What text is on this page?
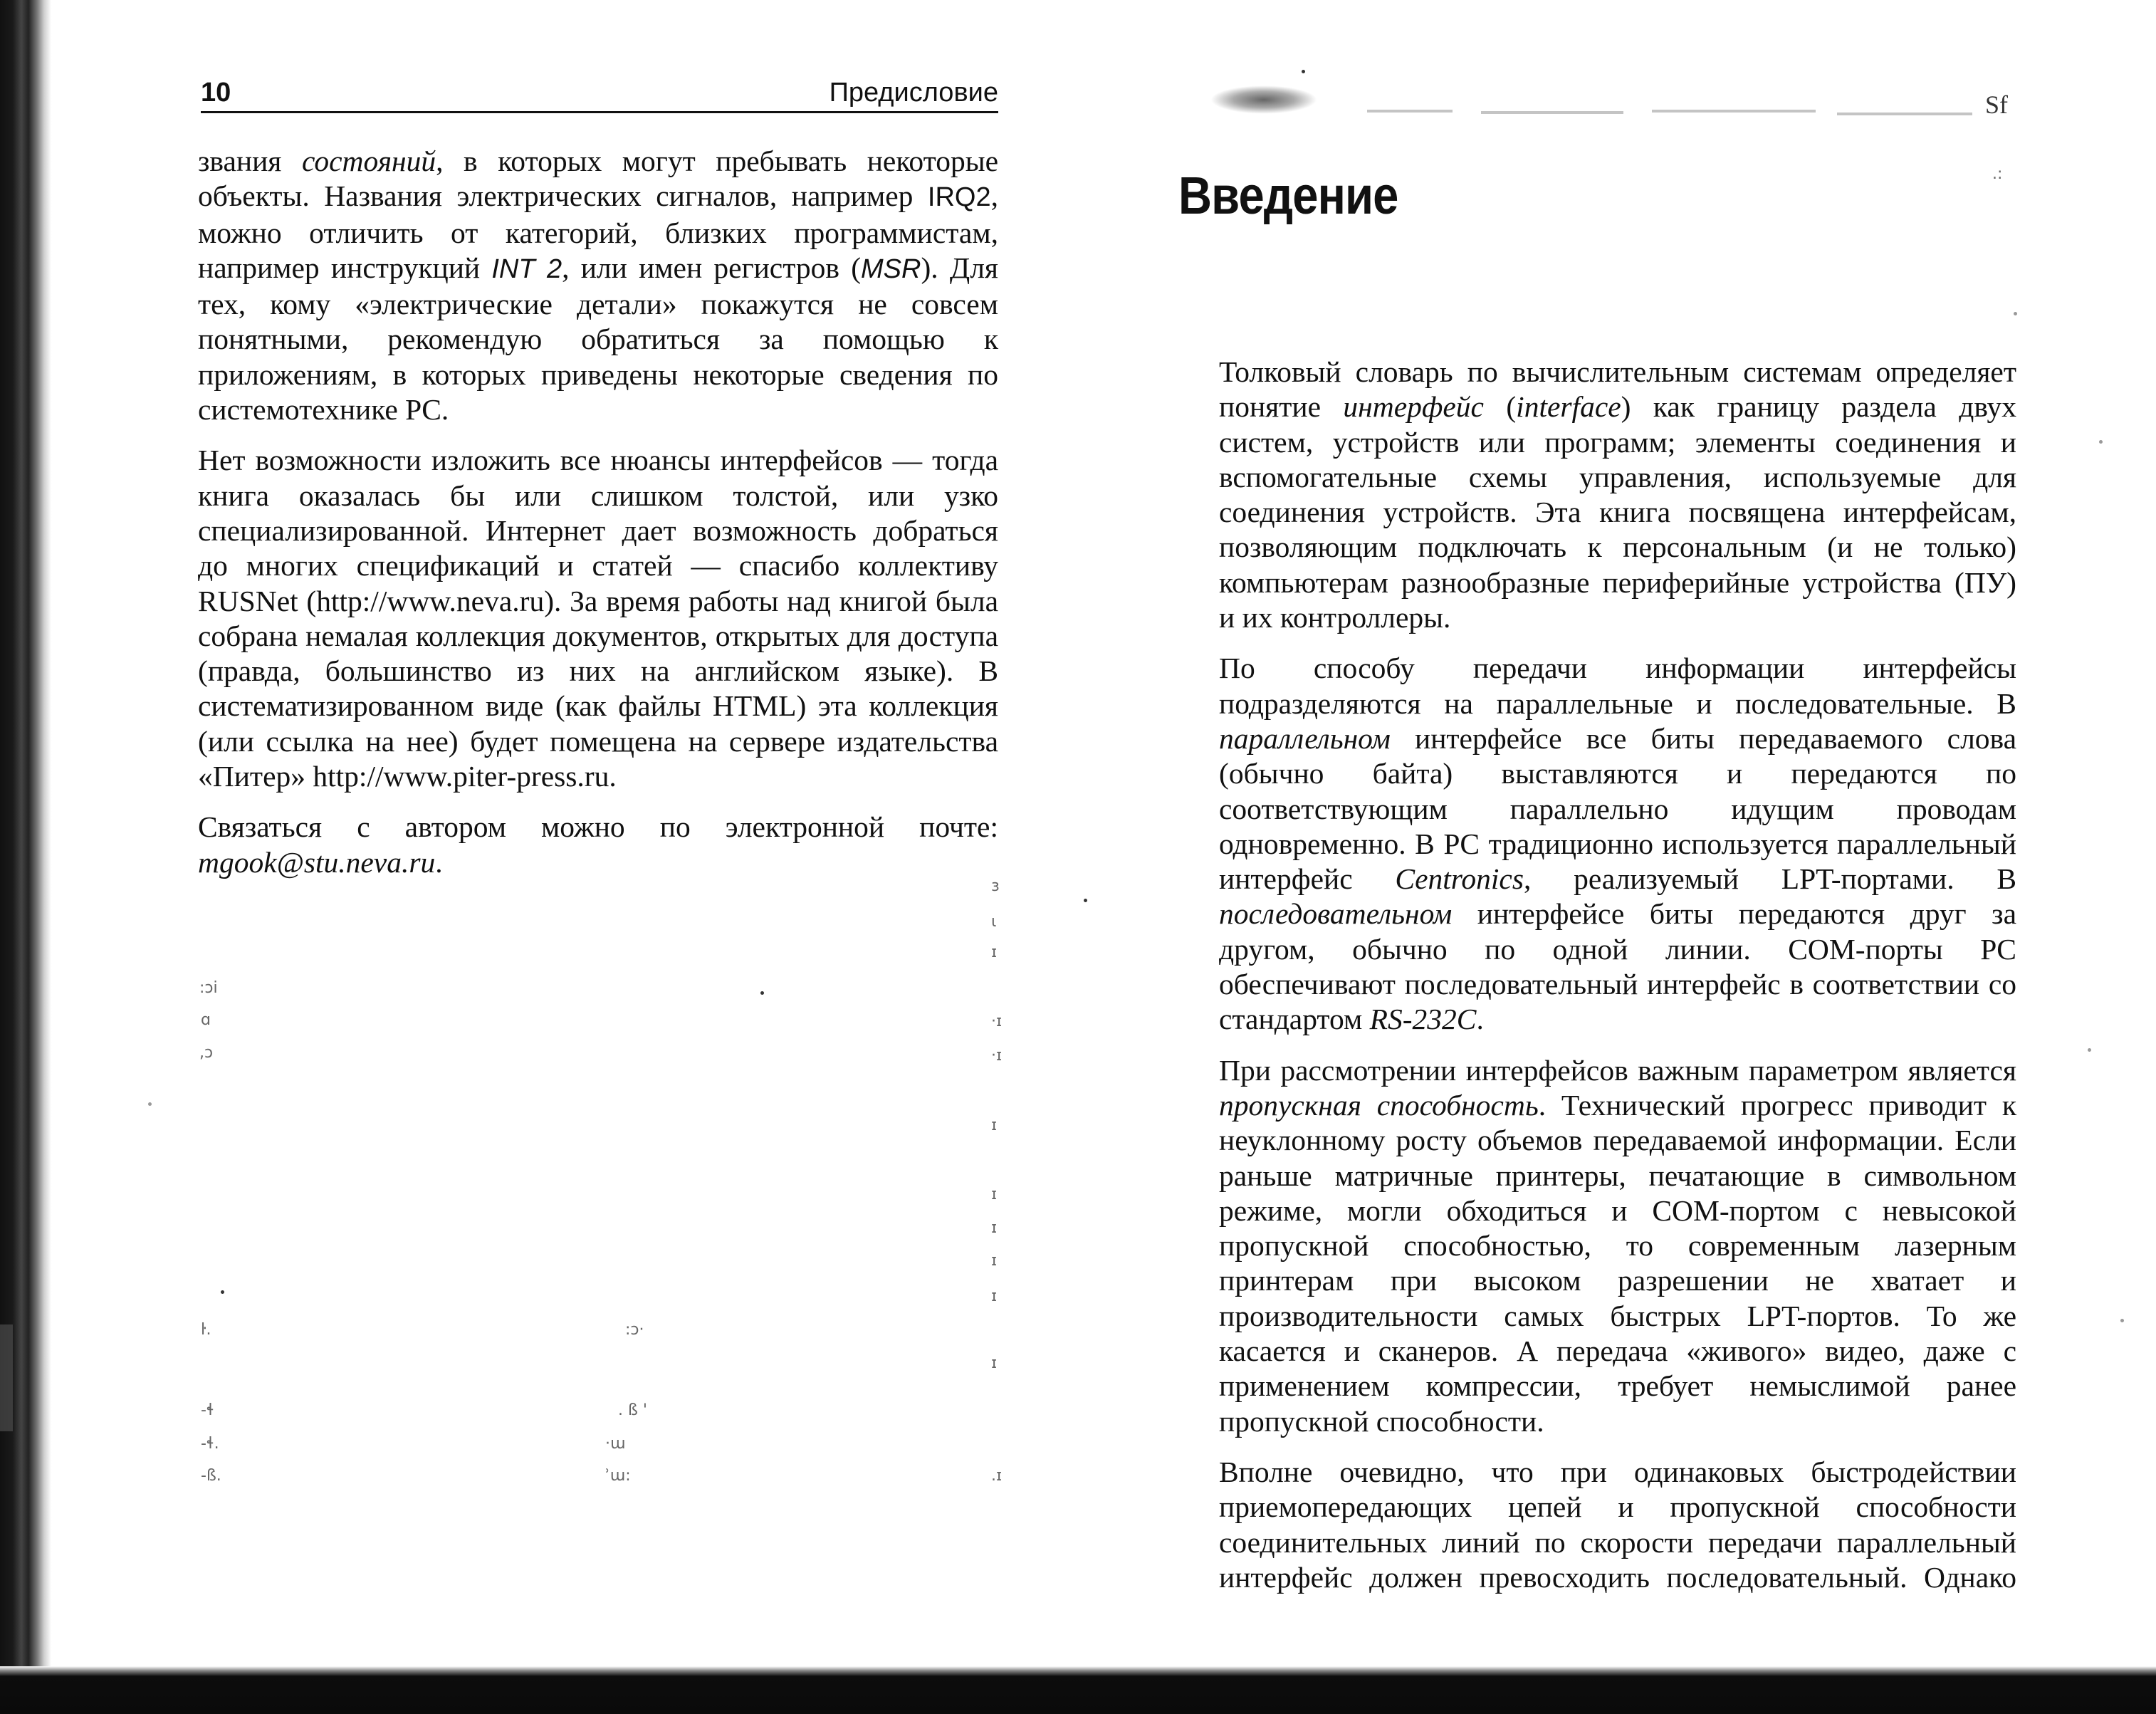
10	Предисловие

звания состояний, в которых могут пребывать некоторые объекты. Названия электрических сигналов, например IRQ2, можно отличить от категорий, близких программистам, например инструкций INT 2, или имен регистров (MSR). Для тех, кому «электрические детали» покажутся не совсем понятными, рекомендую обратиться за помощью к приложениям, в которых приведены некоторые сведения по системотехнике PC.

Нет возможности изложить все нюансы интерфейсов — тогда книга оказалась бы или слишком толстой, или узко специализированной. Интернет дает возможность добраться до многих спецификаций и статей — спасибо коллективу RUSNet (http://www.neva.ru). За время работы над книгой была собрана немалая коллекция документов, открытых для доступа (правда, большинство из них на английском языке). В систематизированном виде (как файлы HTML) эта коллекция (или ссылка на нее) будет помещена на сервере издательства «Питер» http://www.piter-press.ru.

Связаться с автором можно по электронной почте: mgook@stu.neva.ru.

Sf
Введение

Толковый словарь по вычислительным системам определяет понятие интерфейс (interface) как границу раздела двух систем, устройств или программ; элементы соединения и вспомогательные схемы управления, используемые для соединения устройств. Эта книга посвящена интерфейсам, позволяющим подключать к персональным (и не только) компьютерам разнообразные периферийные устройства (ПУ) и их контроллеры.

По способу передачи информации интерфейсы подразделяются на параллельные и последовательные. В параллельном интерфейсе все биты передаваемого слова (обычно байта) выставляются и передаются по соответствующим параллельно идущим проводам одновременно. В PC традиционно используется параллельный интерфейс Centronics, реализуемый LPT-портами. В последовательном интерфейсе биты передаются друг за другом, обычно по одной линии. COM-порты PC обеспечивают последовательный интерфейс в соответствии со стандартом RS-232C.

При рассмотрении интерфейсов важным параметром является пропускная способность. Технический прогресс приводит к неуклонному росту объемов передаваемой информации. Если раньше матричные принтеры, печатающие в символьном режиме, могли обходиться и COM-портом с невысокой пропускной способностью, то современным лазерным принтерам при высоком разрешении не хватает и производительности самых быстрых LPT-портов. То же касается и сканеров. А передача «живого» видео, даже с применением компрессии, требует немыслимой ранее пропускной способности.

Вполне очевидно, что при одинаковых быстродействии приемопередающих цепей и пропускной способности соединительных линий по скорости передачи параллельный интерфейс должен превосходить последовательный. Однако

:ɔi
ɑ
,ɔ
ŀ.
-ɬ
-ɬ.
-ß.
:ɔ·
. ß '
·ɯ
ʾɯ:
ɜ
ɩ
ɪ
·ɪ
·ɪ
ɪ
ɪ
ɪ
ɪ
ɪ
ɪ
.ɪ
.:
